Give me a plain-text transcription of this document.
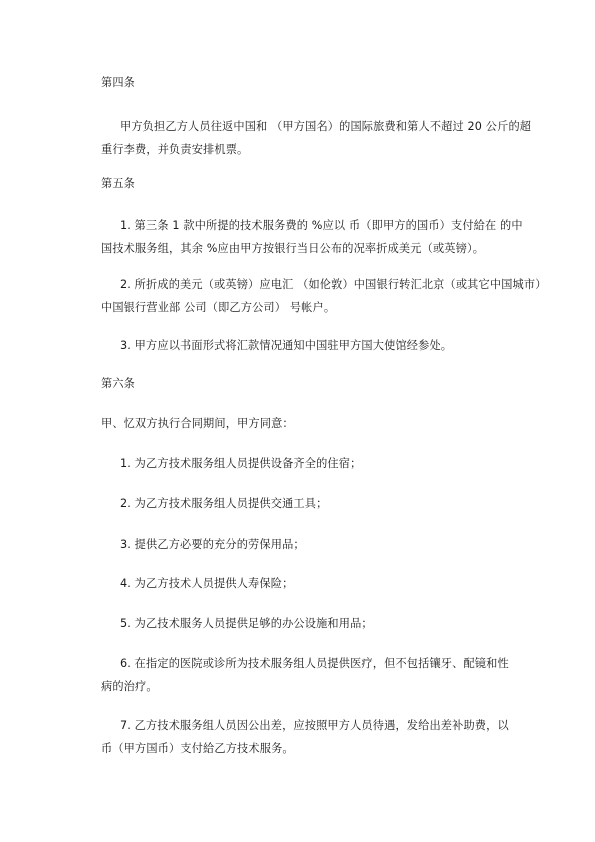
第四条
甲方负担乙方人员往返中国和 （甲方国名）的国际旅费和第人不超过 20 公斤的超
重行李费，并负责安排机票。
第五条
1. 第三条 1 款中所提的技术服务费的 %应以 币（即甲方的国币）支付給在 的中
国技术服务组，其余 %应由甲方按银行当日公布的况率折成美元（或英镑）。
2. 所折成的美元（或英镑）应电汇 （如伦敦）中国银行转汇北京（或其它中国城市）
中国银行营业部 公司（即乙方公司） 号帐户。
3. 甲方应以书面形式将汇款情况通知中国驻甲方国大使馆经参处。
第六条
甲、忆双方执行合同期间，甲方同意：
1. 为乙方技术服务组人员提供设备齐全的住宿；
2. 为乙方技术服务组人员提供交通工具；
3. 提供乙方必要的充分的劳保用品；
4. 为乙方技术人员提供人寿保险；
5. 为乙技术服务人员提供足够的办公设施和用品；
6. 在指定的医院或诊所为技术服务组人员提供医疗，但不包括镶牙、配镜和性
病的治疗。
7. 乙方技术服务组人员因公出差，应按照甲方人员待遇，发给出差补助费，以
币（甲方国币）支付給乙方技术服务。
